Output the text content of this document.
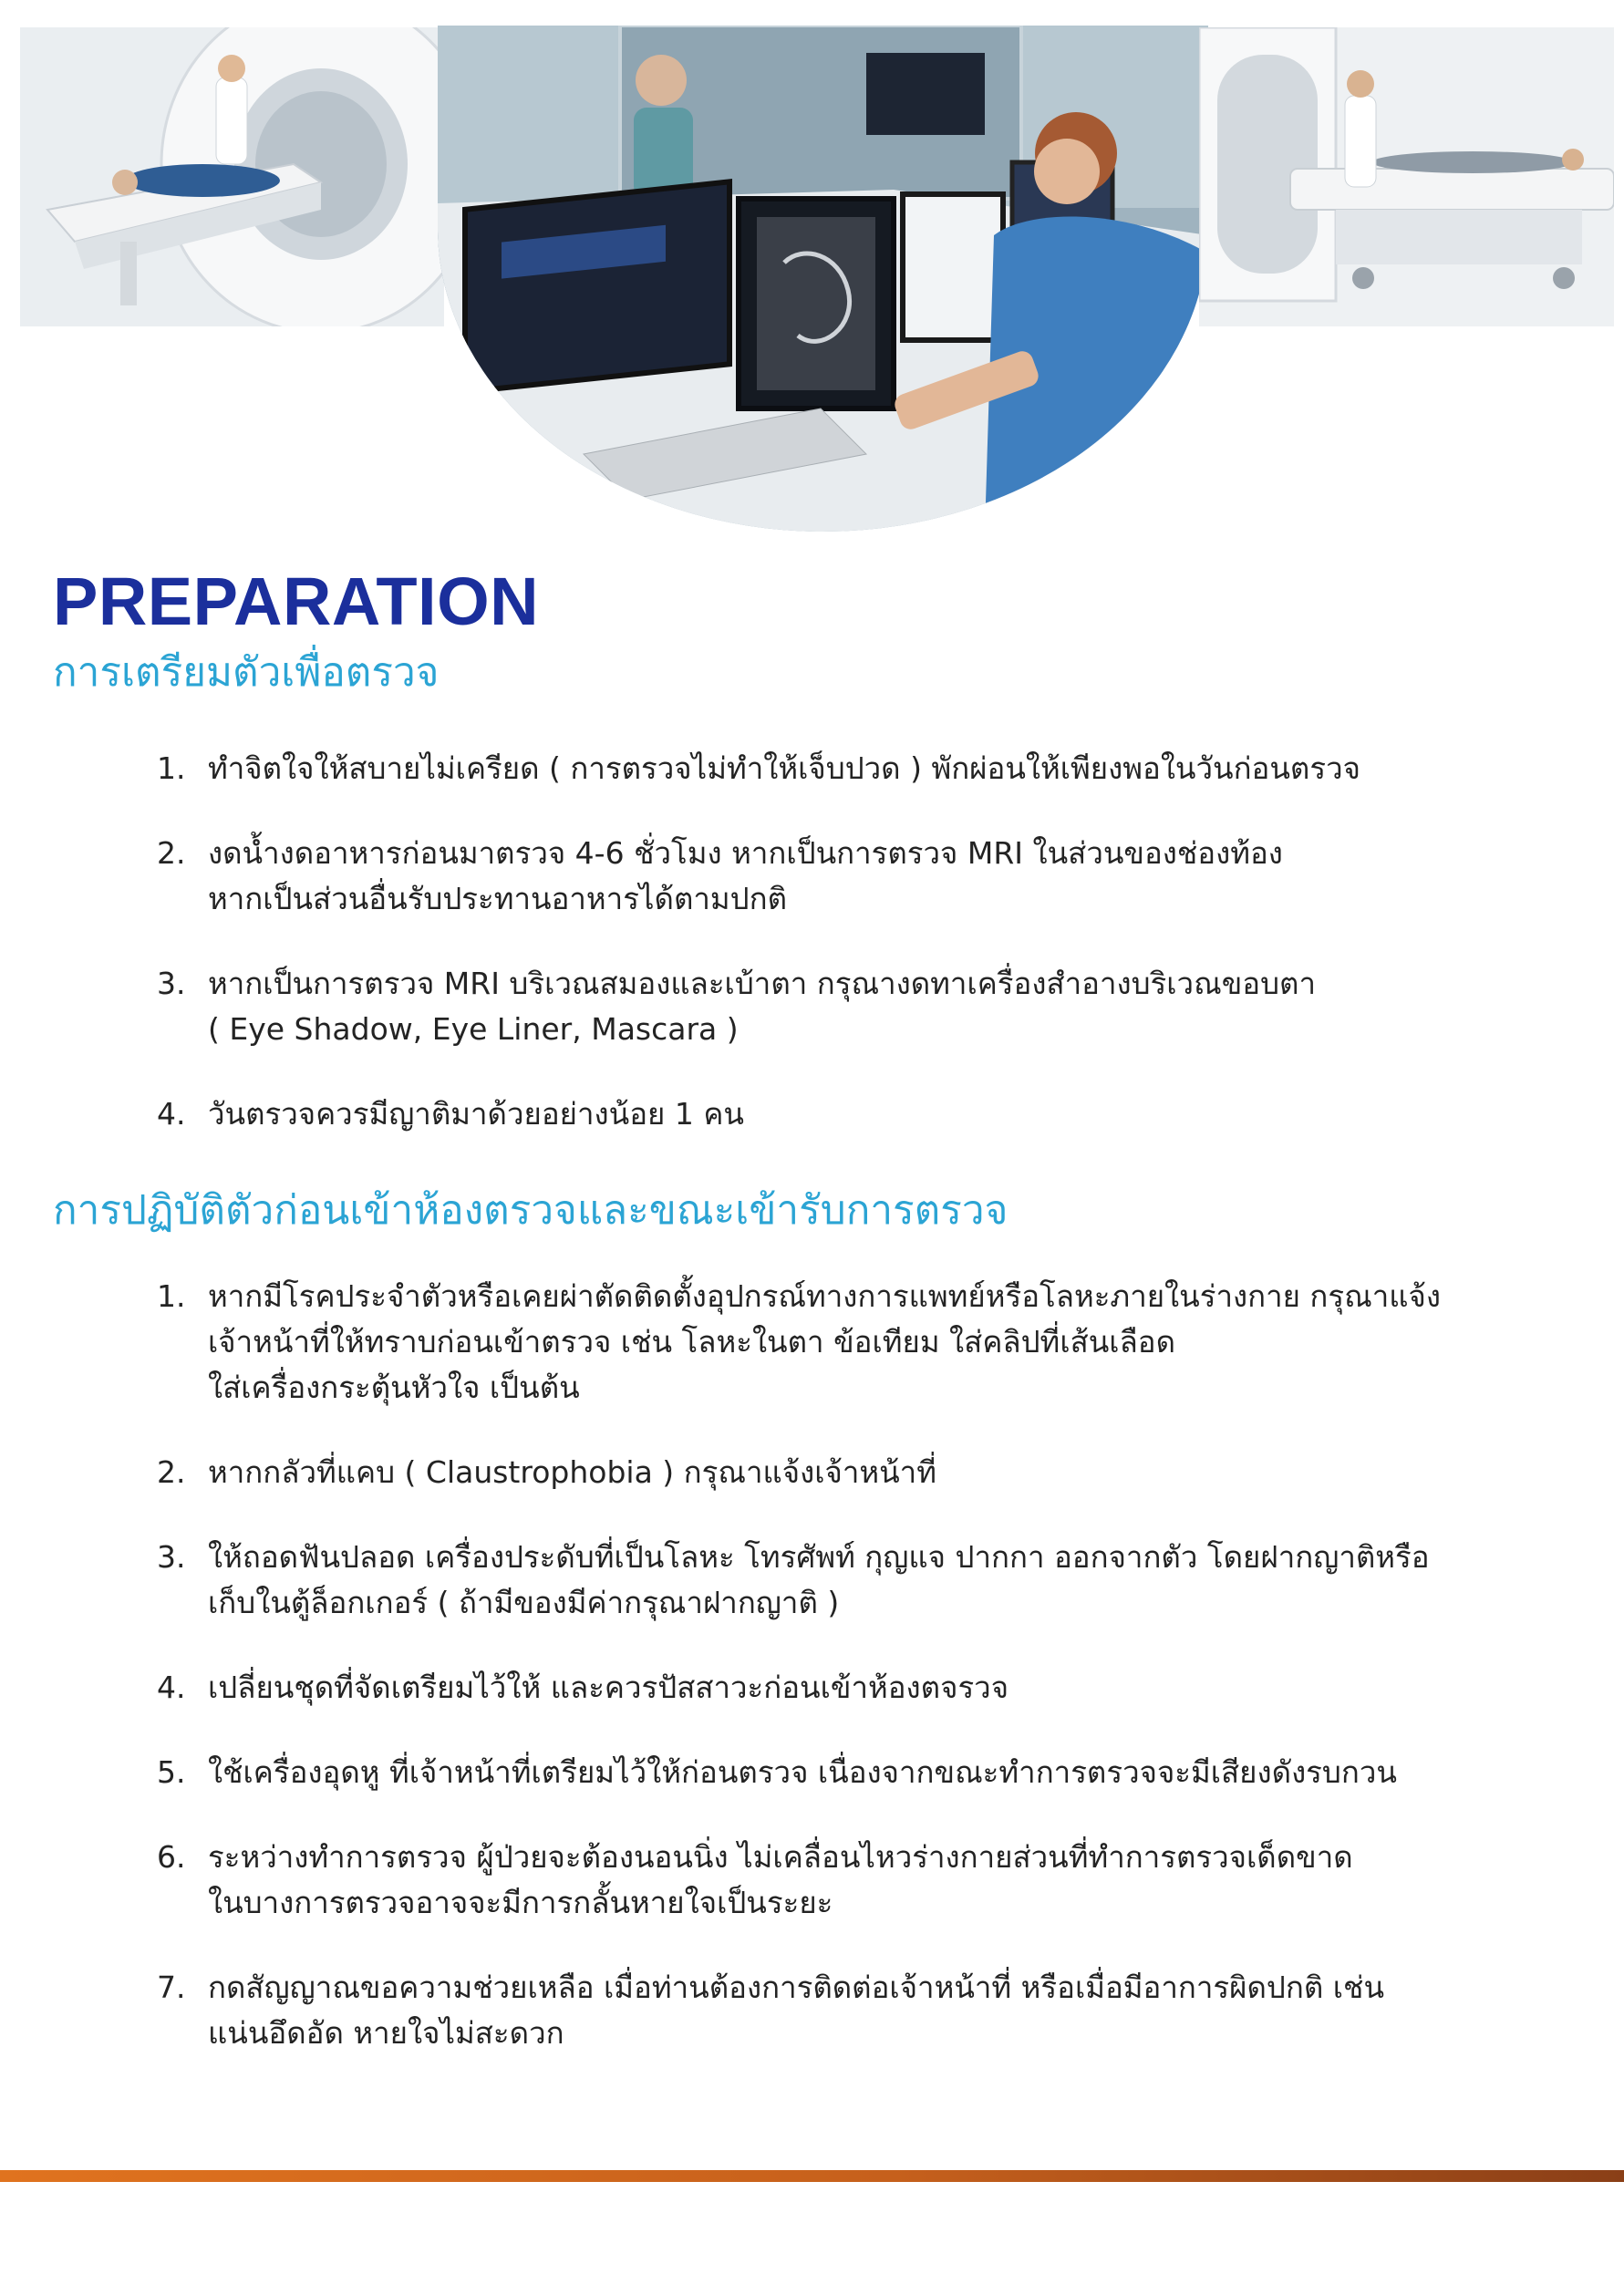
PREPARATION
การเตรียมตัวเพื่อตรวจ
1. ทำจิตใจให้สบายไม่เครียด ( การตรวจไม่ทำให้เจ็บปวด ) พักผ่อนให้เพียงพอในวันก่อนตรวจ
2. งดน้ำงดอาหารก่อนมาตรวจ 4-6 ชั่วโมง หากเป็นการตรวจ MRI ในส่วนของช่องท้อง
หากเป็นส่วนอื่นรับประทานอาหารได้ตามปกติ
3. หากเป็นการตรวจ MRI บริเวณสมองและเบ้าตา กรุณางดทาเครื่องสำอางบริเวณขอบตา
( Eye Shadow, Eye Liner, Mascara )
4. วันตรวจควรมีญาติมาด้วยอย่างน้อย 1 คน
การปฏิบัติตัวก่อนเข้าห้องตรวจและขณะเข้ารับการตรวจ
1. หากมีโรคประจำตัวหรือเคยผ่าตัดติดตั้งอุปกรณ์ทางการแพทย์หรือโลหะภายในร่างกาย กรุณาแจ้ง
เจ้าหน้าที่ให้ทราบก่อนเข้าตรวจ เช่น โลหะในตา ข้อเทียม ใส่คลิปที่เส้นเลือด
ใส่เครื่องกระตุ้นหัวใจ เป็นต้น
2. หากกลัวที่แคบ ( Claustrophobia ) กรุณาแจ้งเจ้าหน้าที่
3. ให้ถอดฟันปลอด เครื่องประดับที่เป็นโลหะ โทรศัพท์ กุญแจ ปากกา ออกจากตัว โดยฝากญาติหรือ
เก็บในตู้ล็อกเกอร์ ( ถ้ามีของมีค่ากรุณาฝากญาติ )
4. เปลี่ยนชุดที่จัดเตรียมไว้ให้ และควรปัสสาวะก่อนเข้าห้องตจรวจ
5. ใช้เครื่องอุดหู ที่เจ้าหน้าที่เตรียมไว้ให้ก่อนตรวจ เนื่องจากขณะทำการตรวจจะมีเสียงดังรบกวน
6. ระหว่างทำการตรวจ ผู้ป่วยจะต้องนอนนิ่ง ไม่เคลื่อนไหวร่างกายส่วนที่ทำการตรวจเด็ดขาด
ในบางการตรวจอาจจะมีการกลั้นหายใจเป็นระยะ
7. กดสัญญาณขอความช่วยเหลือ เมื่อท่านต้องการติดต่อเจ้าหน้าที่ หรือเมื่อมีอาการผิดปกติ เช่น
แน่นอึดอัด หายใจไม่สะดวก
